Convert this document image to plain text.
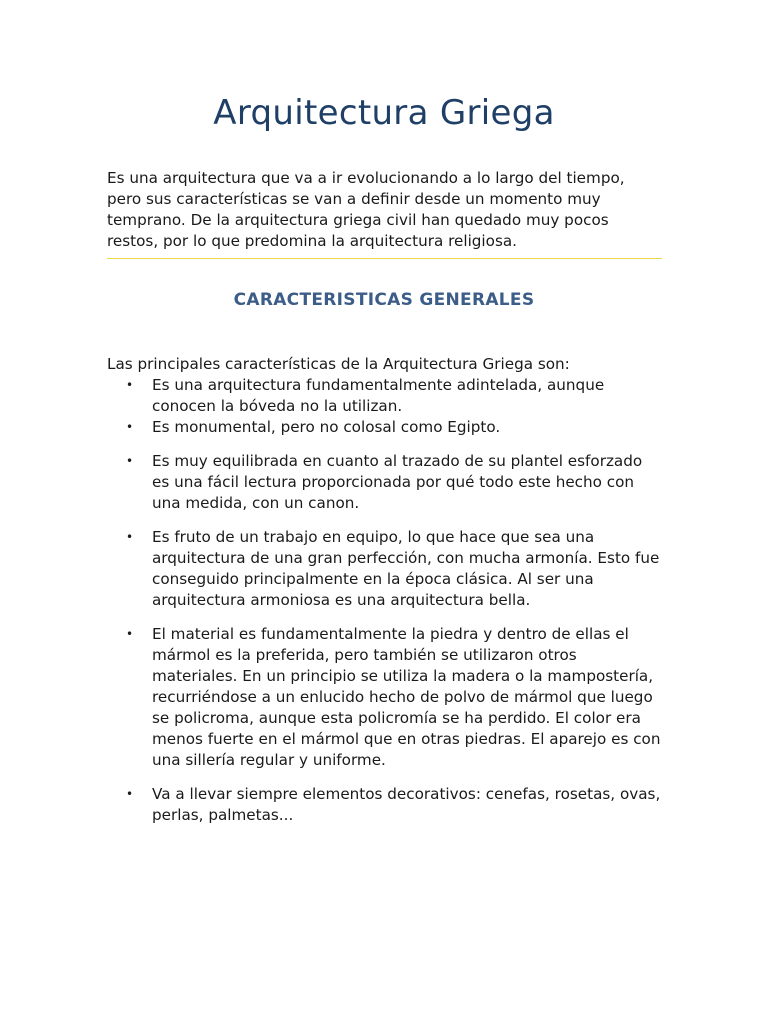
Arquitectura Griega

Es una arquitectura que va a ir evolucionando a lo largo del tiempo, pero sus características se van a definir desde un momento muy temprano. De la arquitectura griega civil han quedado muy pocos restos, por lo que predomina la arquitectura religiosa.

CARACTERISTICAS GENERALES

Las principales características de la Arquitectura Griega son:

• Es una arquitectura fundamentalmente adintelada, aunque conocen la bóveda no la utilizan.
• Es monumental, pero no colosal como Egipto.
• Es muy equilibrada en cuanto al trazado de su plantel esforzado es una fácil lectura proporcionada por qué todo este hecho con una medida, con un canon.
• Es fruto de un trabajo en equipo, lo que hace que sea una arquitectura de una gran perfección, con mucha armonía. Esto fue conseguido principalmente en la época clásica. Al ser una arquitectura armoniosa es una arquitectura bella.
• El material es fundamentalmente la piedra y dentro de ellas el mármol es la preferida, pero también se utilizaron otros materiales. En un principio se utiliza la madera o la mampostería, recurriéndose a un enlucido hecho de polvo de mármol que luego se policroma, aunque esta policromía se ha perdido. El color era menos fuerte en el mármol que en otras piedras. El aparejo es con una sillería regular y uniforme.
• Va a llevar siempre elementos decorativos: cenefas, rosetas, ovas, perlas, palmetas...
